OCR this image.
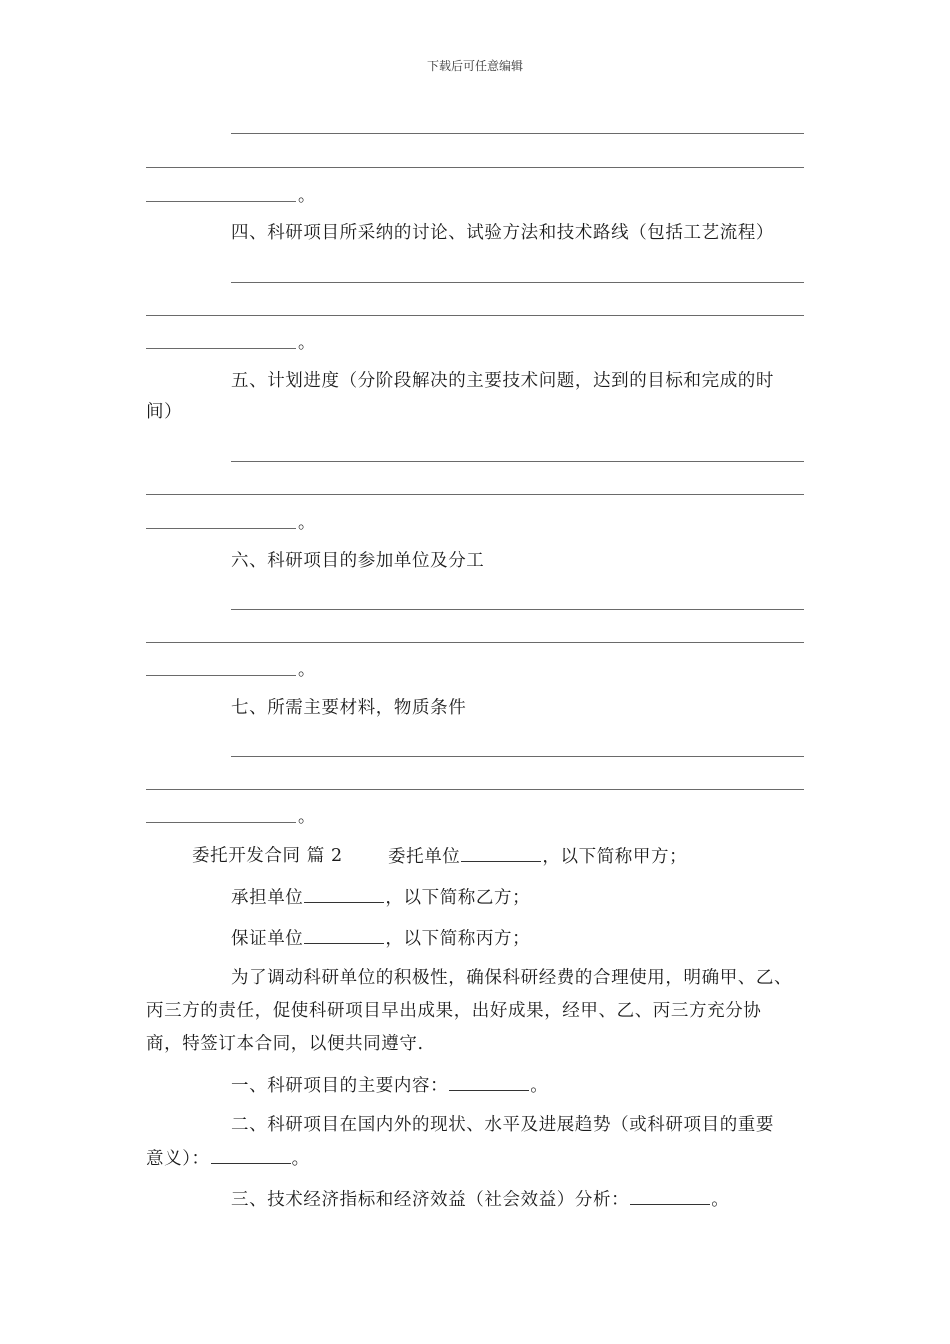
下载后可任意编辑
。
四、科研项目所采纳的讨论、试验方法和技术路线（包括工艺流程）
。
五、计划进度（分阶段解决的主要技术问题，达到的目标和完成的时
间）
。
六、科研项目的参加单位及分工
。
七、所需主要材料，物质条件
。
委托开发合同 篇 2	委托单位	，以下简称甲方；
承担单位	，以下简称乙方；
保证单位	，以下简称丙方；
为了调动科研单位的积极性，确保科研经费的合理使用，明确甲、乙、
丙三方的责任，促使科研项目早出成果，出好成果，经甲、乙、丙三方充分协
商，特签订本合同，以便共同遵守.
一、科研项目的主要内容：	。
二、科研项目在国内外的现状、水平及进展趋势（或科研项目的重要
意义）：	。
三、技术经济指标和经济效益（社会效益）分析：	。
